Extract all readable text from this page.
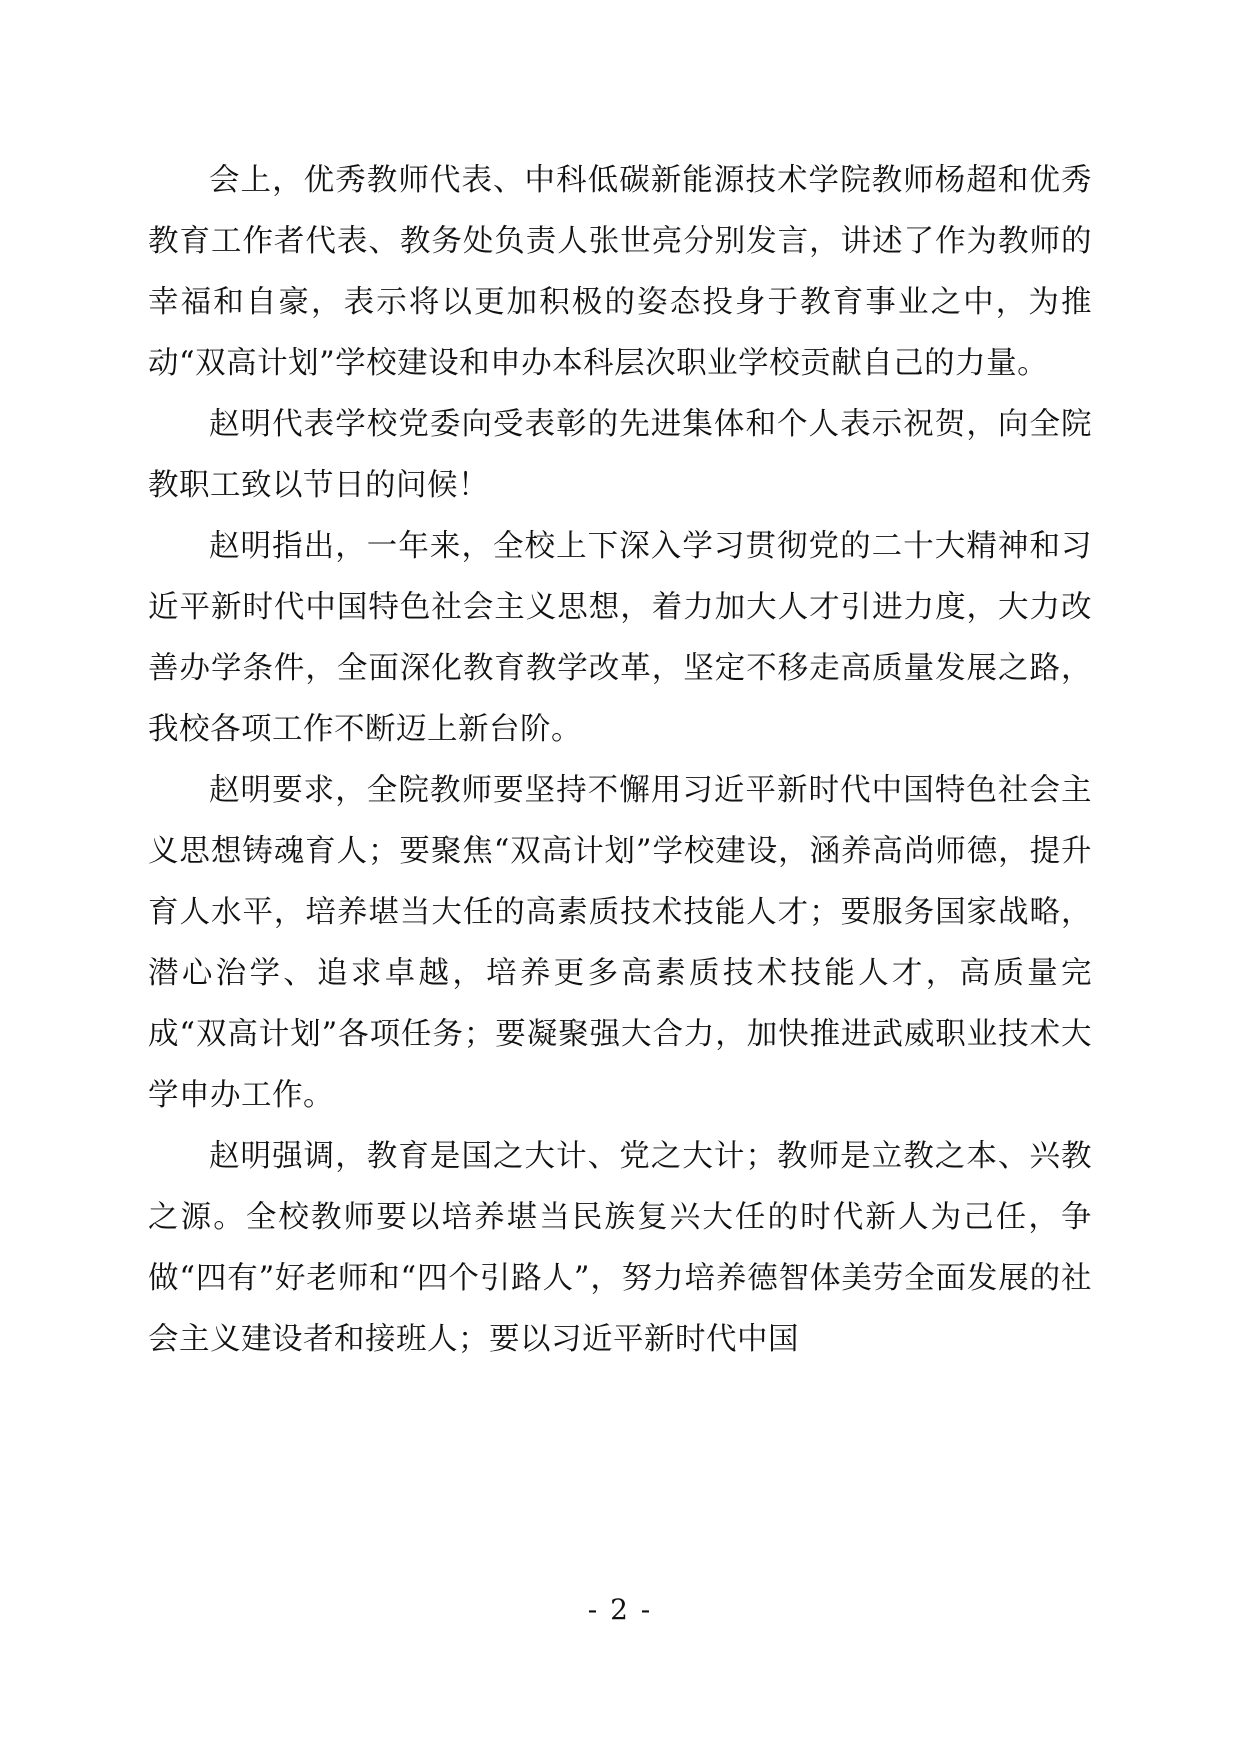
会上，优秀教师代表、中科低碳新能源技术学院教师杨超和优秀教育工作者代表、教务处负责人张世亮分别发言，讲述了作为教师的幸福和自豪，表示将以更加积极的姿态投身于教育事业之中，为推动“双高计划”学校建设和申办本科层次职业学校贡献自己的力量。

赵明代表学校党委向受表彰的先进集体和个人表示祝贺，向全院教职工致以节日的问候！

赵明指出，一年来，全校上下深入学习贯彻党的二十大精神和习近平新时代中国特色社会主义思想，着力加大人才引进力度，大力改善办学条件，全面深化教育教学改革，坚定不移走高质量发展之路，我校各项工作不断迈上新台阶。

赵明要求，全院教师要坚持不懈用习近平新时代中国特色社会主义思想铸魂育人；要聚焦“双高计划”学校建设，涵养高尚师德，提升育人水平，培养堪当大任的高素质技术技能人才；要服务国家战略，潜心治学、追求卓越，培养更多高素质技术技能人才，高质量完成“双高计划”各项任务；要凝聚强大合力，加快推进武威职业技术大学申办工作。

赵明强调，教育是国之大计、党之大计；教师是立教之本、兴教之源。全校教师要以培养堪当民族复兴大任的时代新人为己任，争做“四有”好老师和“四个引路人”，努力培养德智体美劳全面发展的社会主义建设者和接班人；要以习近平新时代中国

- 2 -
